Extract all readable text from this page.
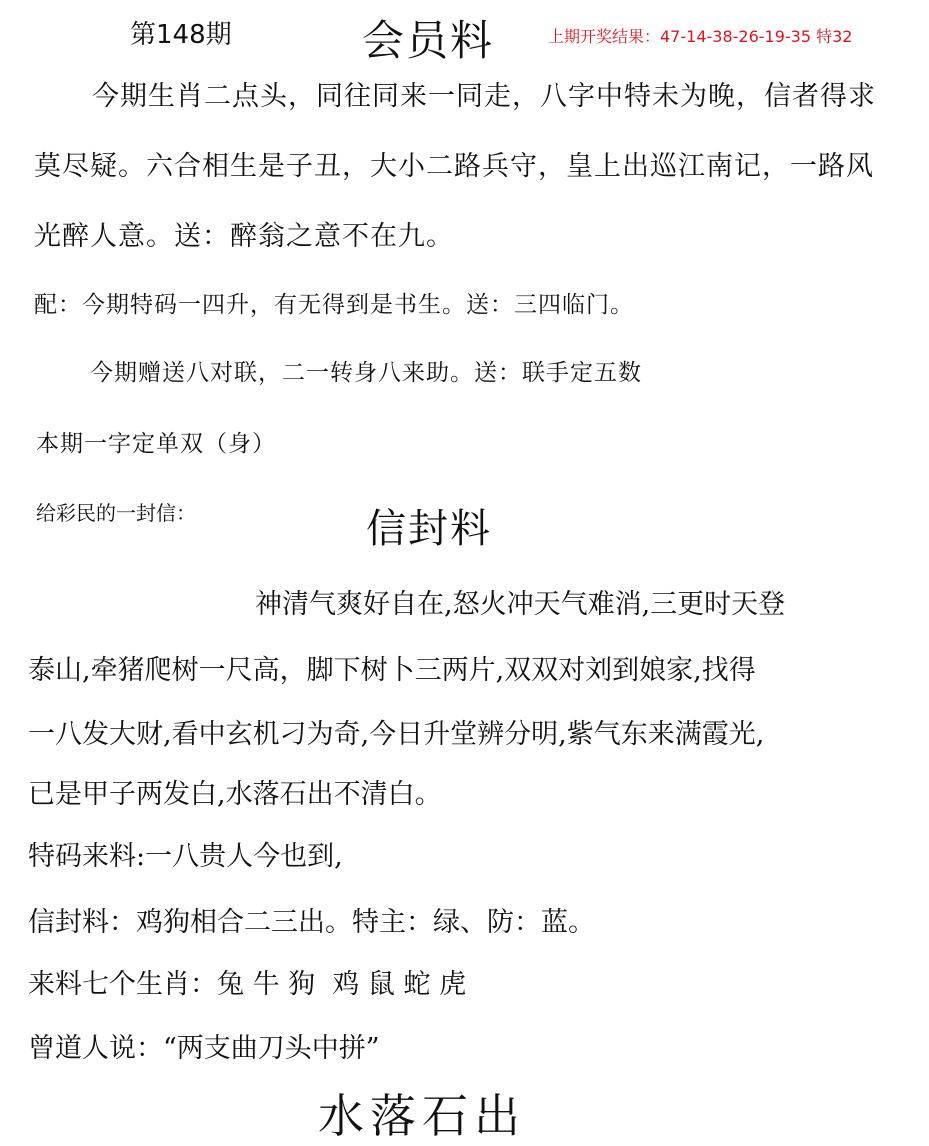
第148期	会员料	上期开奖结果：47-14-38-26-19-35 特32
今期生肖二点头，同往同来一同走，八字中特未为晚，信者得求
莫尽疑。六合相生是子丑，大小二路兵守，皇上出巡江南记，一路风
光醉人意。送：醉翁之意不在九。
配：今期特码一四升，有无得到是书生。送：三四临门。
今期赠送八对联，二一转身八来助。送：联手定五数
本期一字定单双（身）
给彩民的一封信：	信封料
神清气爽好自在,怒火冲天气难消,三更时天登
泰山,牵猪爬树一尺高，脚下树卜三两片,双双对刘到娘家,找得
一八发大财,看中玄机刁为奇,今日升堂辨分明,紫气东来满霞光,
已是甲子两发白,水落石出不清白。
特码来料:一八贵人今也到,
信封料：鸡狗相合二三出。特主：绿、防：蓝。
来料七个生肖：兔 牛 狗  鸡 鼠 蛇 虎
曾道人说：“两支曲刀头中拼”
水落石出
